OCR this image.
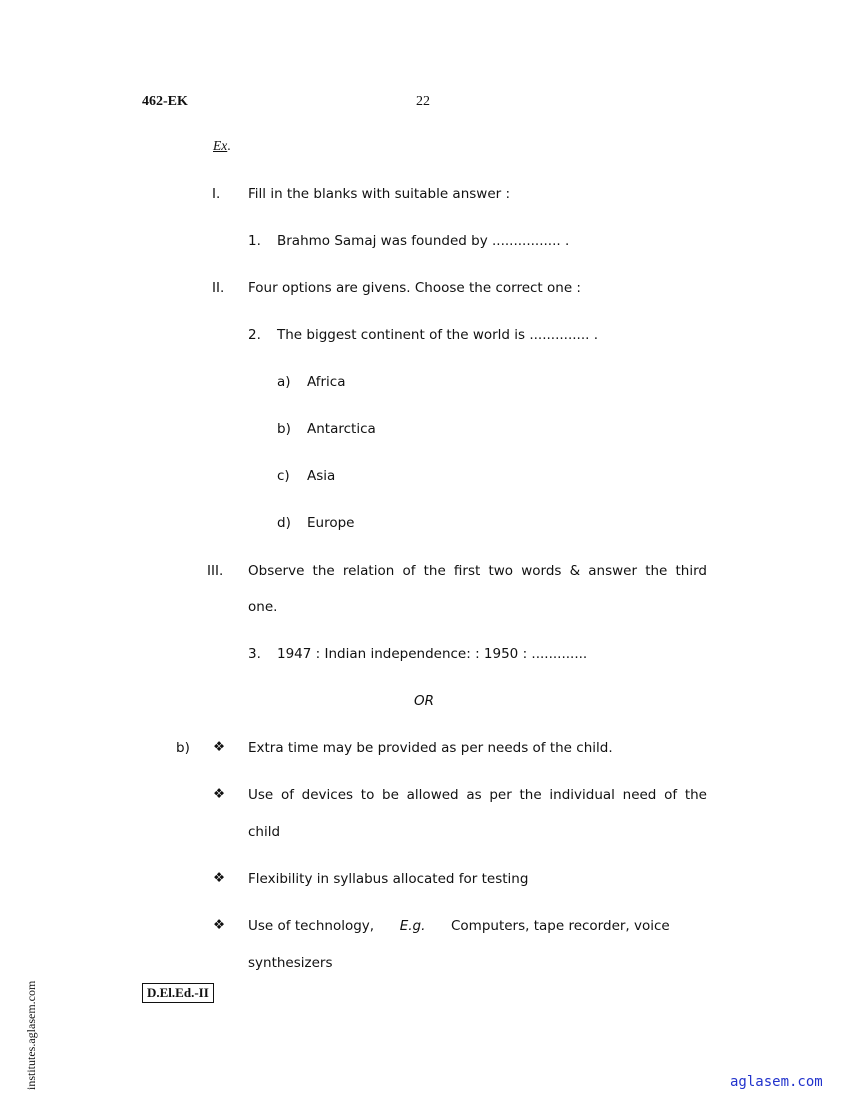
462-EK	22
Ex.
I. Fill in the blanks with suitable answer :
1. Brahmo Samaj was founded by ................ .
II. Four options are givens. Choose the correct one :
2. The biggest continent of the world is .............. .
a) Africa
b) Antarctica
c) Asia
d) Europe
III. Observe the relation of the first two words & answer the third
one.
3. 1947 : Indian independence: : 1950 : .............
OR
b) ❖ Extra time may be provided as per needs of the child.
❖ Use of devices to be allowed as per the individual need of the
child
❖ Flexibility in syllabus allocated for testing
❖ Use of technology, E.g. Computers, tape recorder, voice
synthesizers
D.El.Ed.-II
institutes.aglasem.com	aglasem.com
